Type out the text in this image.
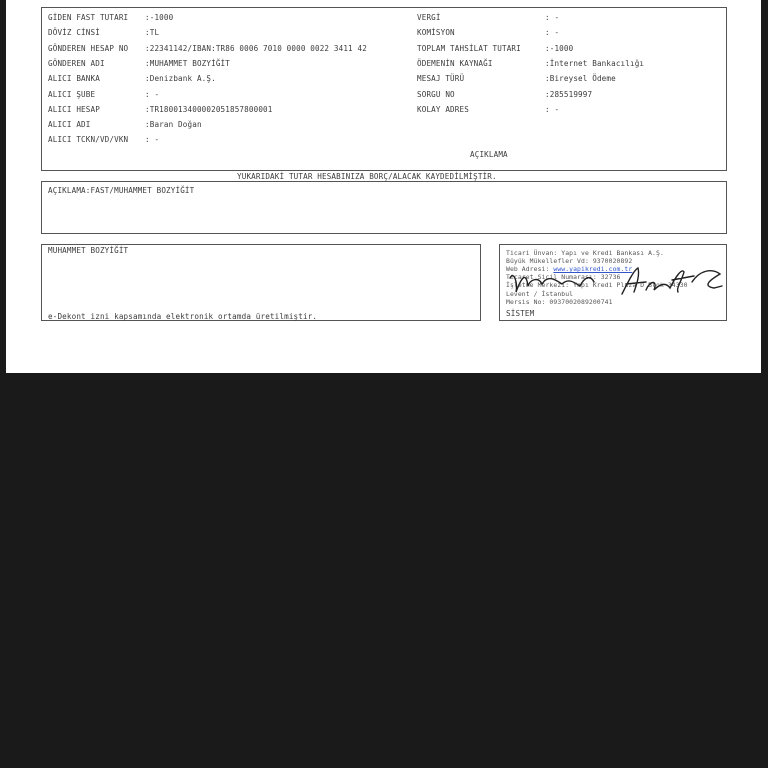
GİDEN FAST TUTARI :-1000
DÖVİZ CİNSİ	:TL
GÖNDEREN HESAP NO :22341142/IBAN:TR86 0006 7010 0000 0022 3411 42
GÖNDEREN ADI	:MUHAMMET BOZYİĞİT
ALICI BANKA	:Denizbank A.Ş.
ALICI ŞUBE	: -
ALICI HESAP	:TR180013400002051857800001
ALICI ADI	:Baran Doğan
ALICI TCKN/VD/VKN : -
VERGİ	: -
KOMİSYON	: -
TOPLAM TAHSİLAT TUTARI	:-1000
ÖDEMENİN KAYNAĞI	:İnternet Bankacılığı
MESAJ TÜRÜ	:Bireysel Ödeme
SORGU NO	:285519997
KOLAY ADRES	: -
AÇIKLAMA
YUKARIDAKİ TUTAR HESABINIZA BORÇ/ALACAK KAYDEDİLMİŞTİR.
AÇIKLAMA:FAST/MUHAMMET BOZYİĞİT
MUHAMMET BOZYİĞİT
e-Dekont izni kapsamında elektronik ortamda üretilmiştir.
Ticari Ünvan: Yapı ve Kredi Bankası A.Ş.
Büyük Mükellefler Vd: 9370020892
Web Adresi: www.yapikredi.com.tr
Ticaret Sicil Numarası: 32736
İşletme Merkezi: Yapı Kredi Plaza D Blok 34330
Levent / İstanbul
Mersis No: 0937002089200741
SİSTEM
